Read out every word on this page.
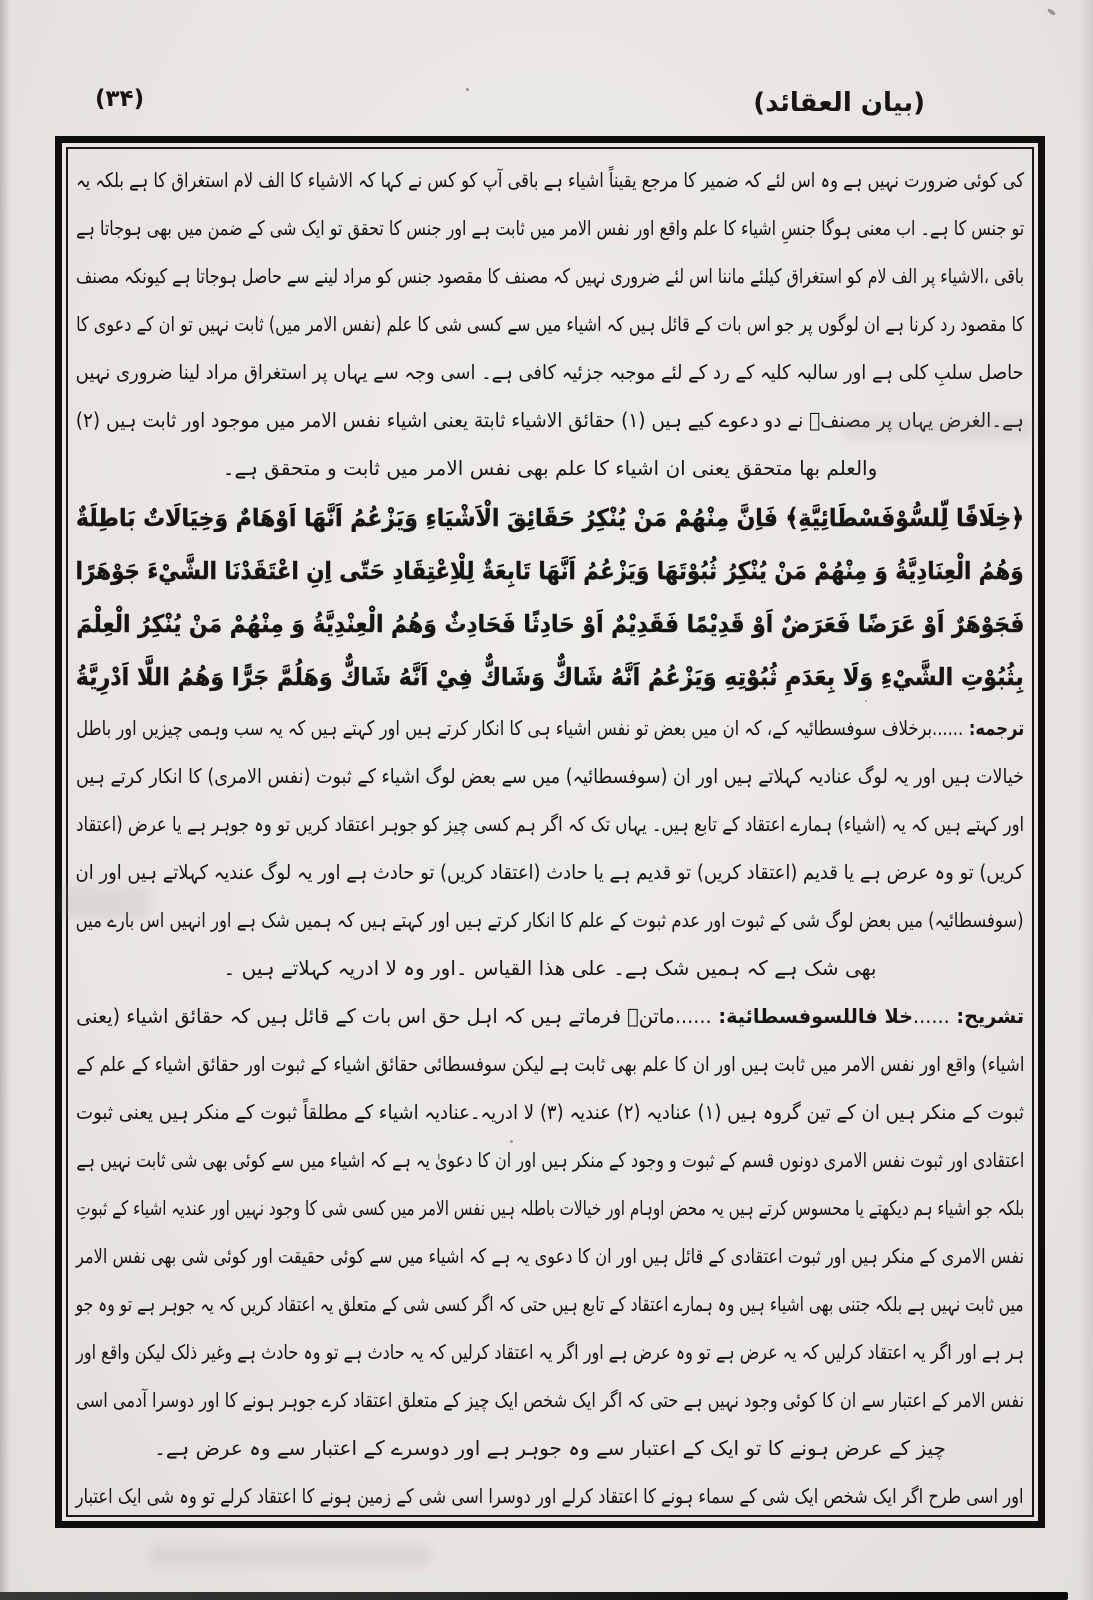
(بیان العقائد)
(۳۴)
کی کوئی ضرورت نہیں ہے وہ اس لئے کہ ضمیر کا مرجع یقیناً اشیاء ہے باقی آپ کو کس نے کہا کہ الاشیاء کا الف لام استغراق کا ہے بلکہ یہ
تو جنس کا ہے۔ اب معنی ہوگا جنسِ اشیاء کا علم واقع اور نفس الامر میں ثابت ہے اور جنس کا تحقق تو ایک شی کے ضمن میں بھی ہوجاتا ہے
باقی ،الاشیاء پر الف لام کو استغراق کیلئے ماننا اس لئے ضروری نہیں کہ مصنف کا مقصود جنس کو مراد لینے سے حاصل ہوجاتا ہے کیونکہ مصنف
کا مقصود رد کرنا ہے ان لوگوں پر جو اس بات کے قائل ہیں کہ اشیاء میں سے کسی شی کا علم (نفس الامر میں) ثابت نہیں تو ان کے دعوی کا
حاصل سلبِ کلی ہے اور سالبہ کلیہ کے رد کے لئے موجبہ جزئیہ کافی ہے۔ اسی وجہ سے یہاں پر استغراق مراد لینا ضروری نہیں
ہے۔الغرض یہاں پر مصنفؒ نے دو دعوے کیے ہیں (۱) حقائق الاشیاء ثابتة یعنی اشیاء نفس الامر میں موجود اور ثابت ہیں (۲)
والعلم بها متحقق یعنی ان اشیاء کا علم بھی نفس الامر میں ثابت و متحقق ہے۔
﴿خِلَافًا لِّلسُّوْفَسْطَائِيَّةِ﴾ فَاِنَّ مِنْهُمْ مَنْ يُنْكِرُ حَقَائِقَ الْاَشْيَاءِ وَيَزْعُمُ اَنَّهَا اَوْهَامٌ وَخِيَالَاتٌ بَاطِلَةٌ
وَهُمُ الْعِنَادِيَّةُ وَ مِنْهُمْ مَنْ يُنْكِرُ ثُبُوْتَهَا وَيَزْعُمُ اَنَّهَا تَابِعَةٌ لِلْاِعْتِقَادِ حَتّى اِنِ اعْتَقَدْنَا الشَّيْءَ جَوْهَرًا
فَجَوْهَرٌ اَوْ عَرَضًا فَعَرَضٌ اَوْ قَدِيْمًا فَقَدِيْمٌ اَوْ حَادِثًا فَحَادِثٌ وَهُمُ الْعِنْدِيَّةُ وَ مِنْهُمْ مَنْ يُنْكِرُ الْعِلْمَ
بِثُبُوْتِ الشَّيْءِ وَلَا بِعَدَمِ ثُبُوْتِهِ وَيَزْعُمُ اَنَّهُ شَاكٌّ وَشَاكٌّ فِيْ اَنَّهُ شَاكٌّ وَهَلُمَّ جَرًّا وَهُمُ اللَّا اَدْرِيَّةُ
ترجمه: ......برخلاف سوفسطائیہ کے، کہ ان میں بعض تو نفس اشیاء ہی کا انکار کرتے ہیں اور کہتے ہیں کہ یہ سب وہمی چیزیں اور باطل
خیالات ہیں اور یہ لوگ عنادیہ کہلاتے ہیں اور ان (سوفسطائیہ) میں سے بعض لوگ اشیاء کے ثبوت (نفس الامری) کا انکار کرتے ہیں
اور کہتے ہیں کہ یہ (اشیاء) ہمارے اعتقاد کے تابع ہیں۔ یہاں تک کہ اگر ہم کسی چیز کو جوہر اعتقاد کریں تو وہ جوہر ہے یا عرض (اعتقاد
کریں) تو وہ عرض ہے یا قدیم (اعتقاد کریں) تو قدیم ہے یا حادث (اعتقاد کریں) تو حادث ہے اور یہ لوگ عندیہ کہلاتے ہیں اور ان
(سوفسطائیہ) میں بعض لوگ شی کے ثبوت اور عدم ثبوت کے علم کا انکار کرتے ہیں اور کہتے ہیں کہ ہمیں شک ہے اور انہیں اس بارے میں
بھی شک ہے کہ ہمیں شک ہے۔ علی هذا القیاس ۔اور وہ لا ادریہ کہلاتے ہیں ۔
تشریح: ......خلا فاللسوفسطائية: ......ماتنؒ فرماتے ہیں کہ اہل حق اس بات کے قائل ہیں کہ حقائق اشیاء (یعنی
اشیاء) واقع اور نفس الامر میں ثابت ہیں اور ان کا علم بھی ثابت ہے لیکن سوفسطائی حقائق اشیاء کے ثبوت اور حقائق اشیاء کے علم کے
ثبوت کے منکر ہیں ان کے تین گروہ ہیں (۱) عنادیہ (۲) عندیہ (۳) لا ادریہ۔عنادیہ اشیاء کے مطلقاً ثبوت کے منکر ہیں یعنی ثبوت
اعتقادی اور ثبوت نفس الامری دونوں قسم کے ثبوت و وجود کے منکر ہیں اور ان کا دعویٰ یہ ہے کہ اشیاء میں سے کوئی بھی شی ثابت نہیں ہے
بلکہ جو اشیاء ہم دیکھتے یا محسوس کرتے ہیں یہ محض اوہام اور خیالات باطلہ ہیں نفس الامر میں کسی شی کا وجود نہیں اور عندیہ اشیاء کے ثبوتِ
نفس الامری کے منکر ہیں اور ثبوت اعتقادی کے قائل ہیں اور ان کا دعوی یہ ہے کہ اشیاء میں سے کوئی حقیقت اور کوئی شی بھی نفس الامر
میں ثابت نہیں ہے بلکہ جتنی بھی اشیاء ہیں وہ ہمارے اعتقاد کے تابع ہیں حتی کہ اگر کسی شی کے متعلق یہ اعتقاد کریں کہ یہ جوہر ہے تو وہ جو
ہر ہے اور اگر یہ اعتقاد کرلیں کہ یہ عرض ہے تو وہ عرض ہے اور اگر یہ اعتقاد کرلیں کہ یہ حادث ہے تو وہ حادث ہے وغیر ذلک لیکن واقع اور
نفس الامر کے اعتبار سے ان کا کوئی وجود نہیں ہے حتی کہ اگر ایک شخص ایک چیز کے متعلق اعتقاد کرے جوہر ہونے کا اور دوسرا آدمی اسی
چیز کے عرض ہونے کا تو ایک کے اعتبار سے وہ جوہر ہے اور دوسرے کے اعتبار سے وہ عرض ہے۔
اور اسی طرح اگر ایک شخص ایک شی کے سماء ہونے کا اعتقاد کرلے اور دوسرا اسی شی کے زمین ہونے کا اعتقاد کرلے تو وہ شی ایک اعتبار
